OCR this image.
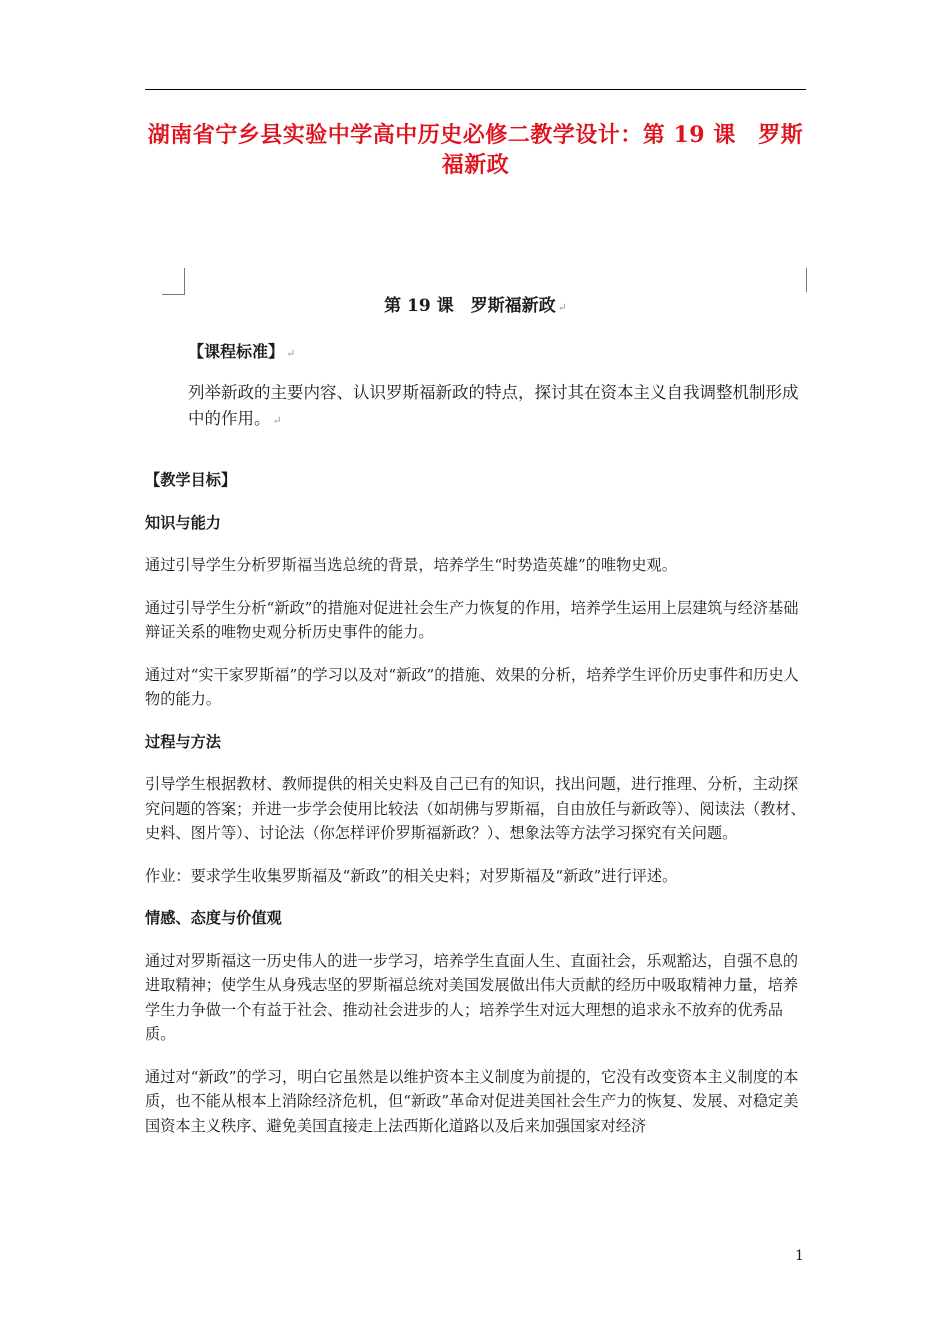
湖南省宁乡县实验中学高中历史必修二教学设计：第 19 课　罗斯福新政
第 19 课　罗斯福新政 ↵
【课程标准】 ↵

列举新政的主要内容、认识罗斯福新政的特点，探讨其在资本主义自我调整机制形成中的作用。 ↵

【教学目标】

知识与能力

通过引导学生分析罗斯福当选总统的背景，培养学生“时势造英雄”的唯物史观。

通过引导学生分析“新政”的措施对促进社会生产力恢复的作用，培养学生运用上层建筑与经济基础辩证关系的唯物史观分析历史事件的能力。

通过对“实干家罗斯福”的学习以及对“新政”的措施、效果的分析，培养学生评价历史事件和历史人物的能力。

过程与方法

引导学生根据教材、教师提供的相关史料及自己已有的知识，找出问题，进行推理、分析，主动探究问题的答案；并进一步学会使用比较法（如胡佛与罗斯福，自由放任与新政等）、阅读法（教材、史料、图片等）、讨论法（你怎样评价罗斯福新政？）、想象法等方法学习探究有关问题。

作业：要求学生收集罗斯福及“新政”的相关史料；对罗斯福及“新政”进行评述。

情感、态度与价值观

通过对罗斯福这一历史伟人的进一步学习，培养学生直面人生、直面社会，乐观豁达，自强不息的进取精神；使学生从身残志坚的罗斯福总统对美国发展做出伟大贡献的经历中吸取精神力量，培养学生力争做一个有益于社会、推动社会进步的人；培养学生对远大理想的追求永不放弃的优秀品质。

通过对“新政”的学习，明白它虽然是以维护资本主义制度为前提的，它没有改变资本主义制度的本质，也不能从根本上消除经济危机，但“新政”革命对促进美国社会生产力的恢复、发展、对稳定美国资本主义秩序、避免美国直接走上法西斯化道路以及后来加强国家对经济

1
